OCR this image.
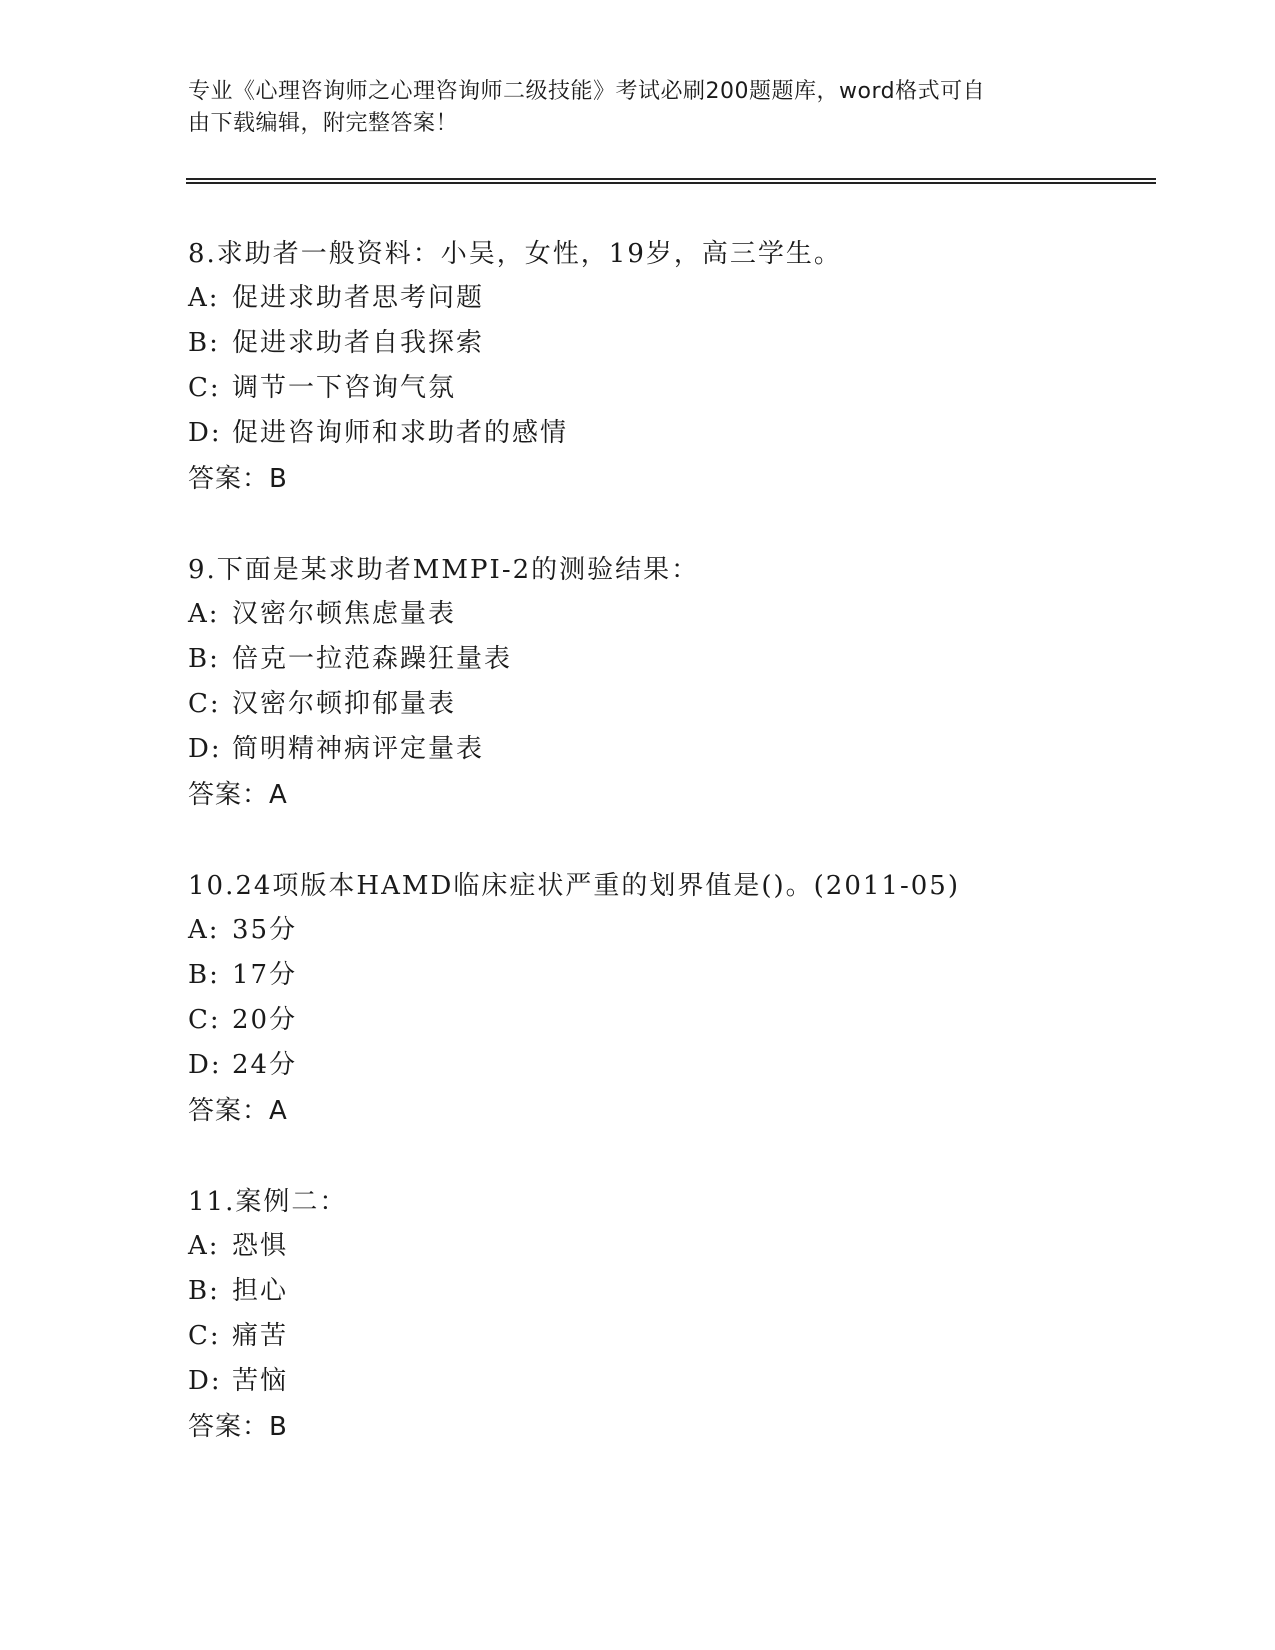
专业《心理咨询师之心理咨询师二级技能》考试必刷200题题库，word格式可自
由下载编辑，附完整答案！
8.求助者一般资料：小吴，女性，19岁，高三学生。
A: 促进求助者思考问题
B: 促进求助者自我探索
C: 调节一下咨询气氛
D: 促进咨询师和求助者的感情
答案：B
9.下面是某求助者MMPI-2的测验结果：
A: 汉密尔顿焦虑量表
B: 倍克一拉范森躁狂量表
C: 汉密尔顿抑郁量表
D: 简明精神病评定量表
答案：A
10.24项版本HAMD临床症状严重的划界值是()。(2011-05)
A: 35分
B: 17分
C: 20分
D: 24分
答案：A
11.案例二：
A: 恐惧
B: 担心
C: 痛苦
D: 苦恼
答案：B
